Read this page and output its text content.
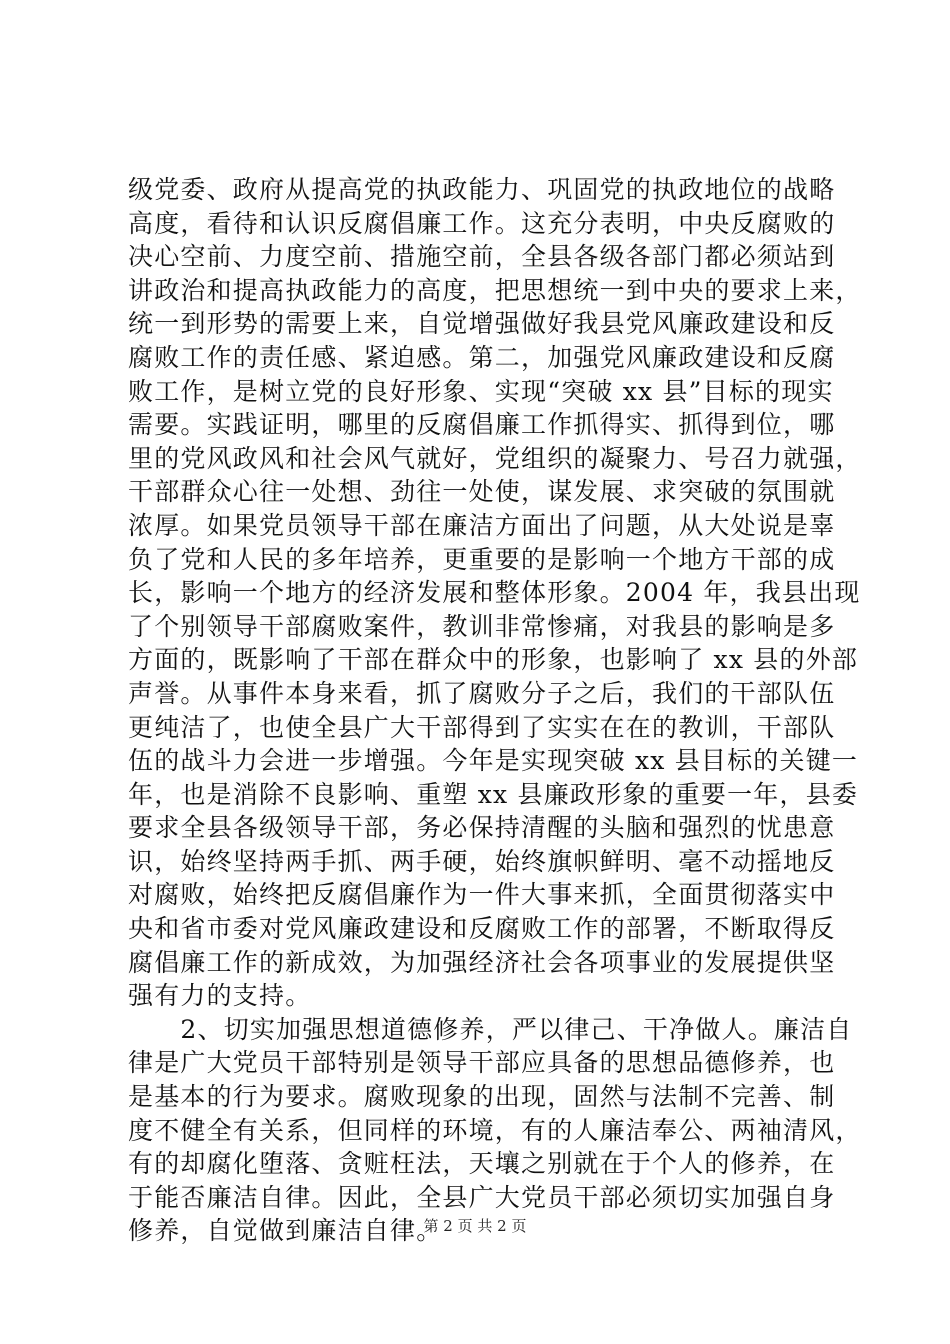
级党委、政府从提高党的执政能力、巩固党的执政地位的战略
高度，看待和认识反腐倡廉工作。这充分表明，中央反腐败的
决心空前、力度空前、措施空前，全县各级各部门都必须站到
讲政治和提高执政能力的高度，把思想统一到中央的要求上来，
统一到形势的需要上来，自觉增强做好我县党风廉政建设和反
腐败工作的责任感、紧迫感。第二，加强党风廉政建设和反腐
败工作，是树立党的良好形象、实现“突破 xx 县”目标的现实
需要。实践证明，哪里的反腐倡廉工作抓得实、抓得到位，哪
里的党风政风和社会风气就好，党组织的凝聚力、号召力就强，
干部群众心往一处想、劲往一处使，谋发展、求突破的氛围就
浓厚。如果党员领导干部在廉洁方面出了问题，从大处说是辜
负了党和人民的多年培养，更重要的是影响一个地方干部的成
长，影响一个地方的经济发展和整体形象。2004 年，我县出现
了个别领导干部腐败案件，教训非常惨痛，对我县的影响是多
方面的，既影响了干部在群众中的形象，也影响了 xx 县的外部
声誉。从事件本身来看，抓了腐败分子之后，我们的干部队伍
更纯洁了，也使全县广大干部得到了实实在在的教训，干部队
伍的战斗力会进一步增强。今年是实现突破 xx 县目标的关键一
年，也是消除不良影响、重塑 xx 县廉政形象的重要一年，县委
要求全县各级领导干部，务必保持清醒的头脑和强烈的忧患意
识，始终坚持两手抓、两手硬，始终旗帜鲜明、毫不动摇地反
对腐败，始终把反腐倡廉作为一件大事来抓，全面贯彻落实中
央和省市委对党风廉政建设和反腐败工作的部署，不断取得反
腐倡廉工作的新成效，为加强经济社会各项事业的发展提供坚
强有力的支持。
　　2、切实加强思想道德修养，严以律己、干净做人。廉洁自
律是广大党员干部特别是领导干部应具备的思想品德修养，也
是基本的行为要求。腐败现象的出现，固然与法制不完善、制
度不健全有关系，但同样的环境，有的人廉洁奉公、两袖清风，
有的却腐化堕落、贪赃枉法，天壤之别就在于个人的修养，在
于能否廉洁自律。因此，全县广大党员干部必须切实加强自身
修养，自觉做到廉洁自律。
第 2 页 共 2 页
